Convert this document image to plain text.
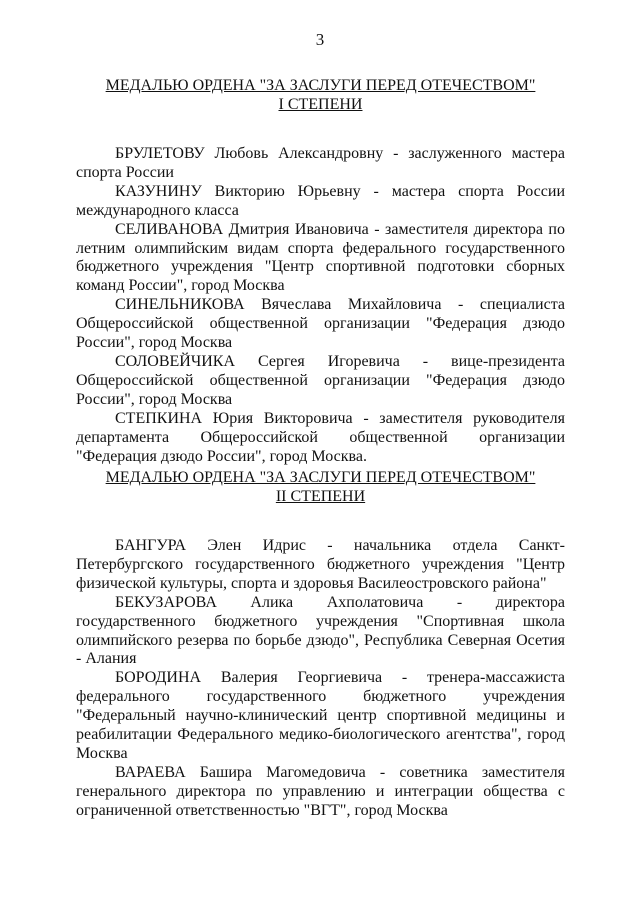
3
МЕДАЛЬЮ ОРДЕНА "ЗА ЗАСЛУГИ ПЕРЕД ОТЕЧЕСТВОМ"
I СТЕПЕНИ

БРУЛЕТОВУ Любовь Александровну - заслуженного мастера спорта России

КАЗУНИНУ Викторию Юрьевну - мастера спорта России международного класса

СЕЛИВАНОВА Дмитрия Ивановича - заместителя директора по летним олимпийским видам спорта федерального государственного бюджетного учреждения "Центр спортивной подготовки сборных команд России", город Москва

СИНЕЛЬНИКОВА Вячеслава Михайловича - специалиста Общероссийской общественной организации "Федерация дзюдо России", город Москва

СОЛОВЕЙЧИКА Сергея Игоревича - вице-президента Общероссийской общественной организации "Федерация дзюдо России", город Москва

СТЕПКИНА Юрия Викторовича - заместителя руководителя департамента Общероссийской общественной организации "Федерация дзюдо России", город Москва.

МЕДАЛЬЮ ОРДЕНА "ЗА ЗАСЛУГИ ПЕРЕД ОТЕЧЕСТВОМ"
II СТЕПЕНИ

БАНГУРА Элен Идрис - начальника отдела Санкт-Петербургского государственного бюджетного учреждения "Центр физической культуры, спорта и здоровья Василеостровского района"

БЕКУЗАРОВА Алика Ахполатовича - директора государственного бюджетного учреждения "Спортивная школа олимпийского резерва по борьбе дзюдо", Республика Северная Осетия - Алания

БОРОДИНА Валерия Георгиевича - тренера-массажиста федерального государственного бюджетного учреждения "Федеральный научно-клинический центр спортивной медицины и реабилитации Федерального медико-биологического агентства", город Москва

ВАРАЕВА Башира Магомедовича - советника заместителя генерального директора по управлению и интеграции общества с ограниченной ответственностью "ВГТ", город Москва
